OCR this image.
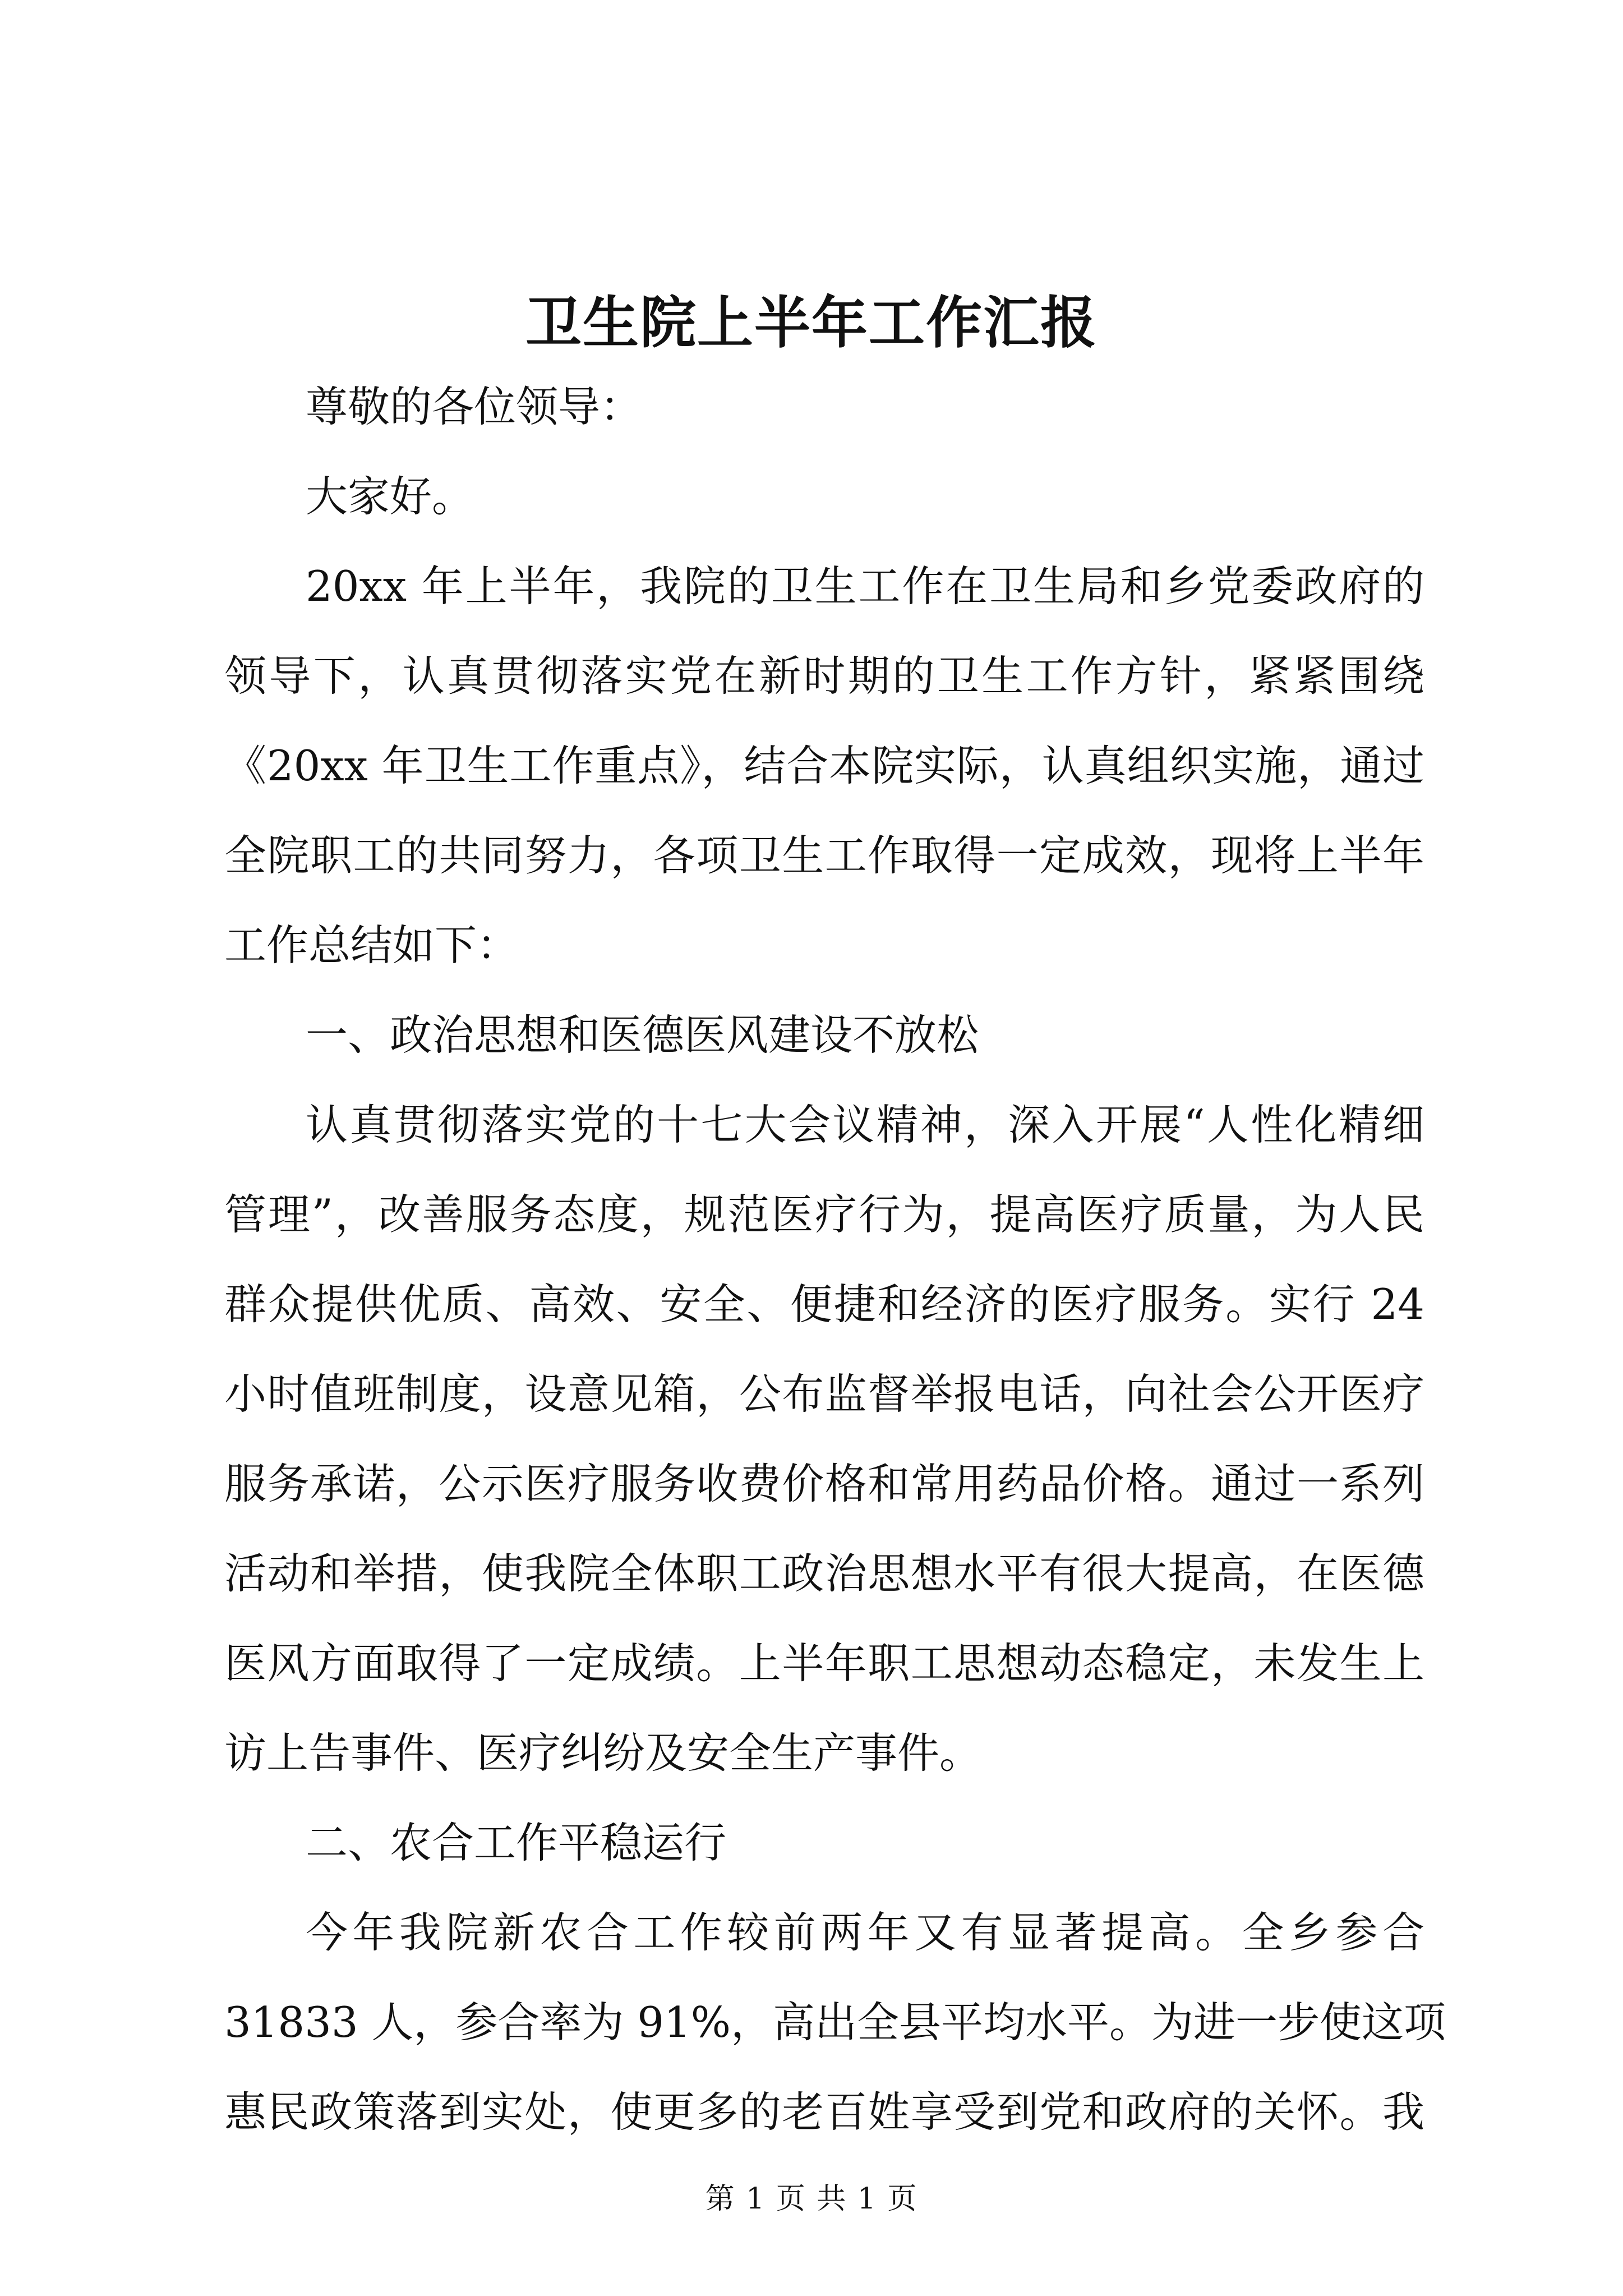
卫生院上半年工作汇报
尊敬的各位领导：
大家好。
20xx 年上半年，我院的卫生工作在卫生局和乡党委政府的
领导下，认真贯彻落实党在新时期的卫生工作方针，紧紧围绕
《20xx 年卫生工作重点》，结合本院实际，认真组织实施，通过
全院职工的共同努力，各项卫生工作取得一定成效，现将上半年
工作总结如下：
一、政治思想和医德医风建设不放松
认真贯彻落实党的十七大会议精神，深入开展“人性化精细
管理”，改善服务态度，规范医疗行为，提高医疗质量，为人民
群众提供优质、高效、安全、便捷和经济的医疗服务。实行 24
小时值班制度，设意见箱，公布监督举报电话，向社会公开医疗
服务承诺，公示医疗服务收费价格和常用药品价格。通过一系列
活动和举措，使我院全体职工政治思想水平有很大提高，在医德
医风方面取得了一定成绩。上半年职工思想动态稳定，未发生上
访上告事件、医疗纠纷及安全生产事件。
二、农合工作平稳运行
今年我院新农合工作较前两年又有显著提高。全乡参合
31833 人，参合率为 91%，高出全县平均水平。为进一步使这项
惠民政策落到实处，使更多的老百姓享受到党和政府的关怀。我
第 1 页 共 1 页
